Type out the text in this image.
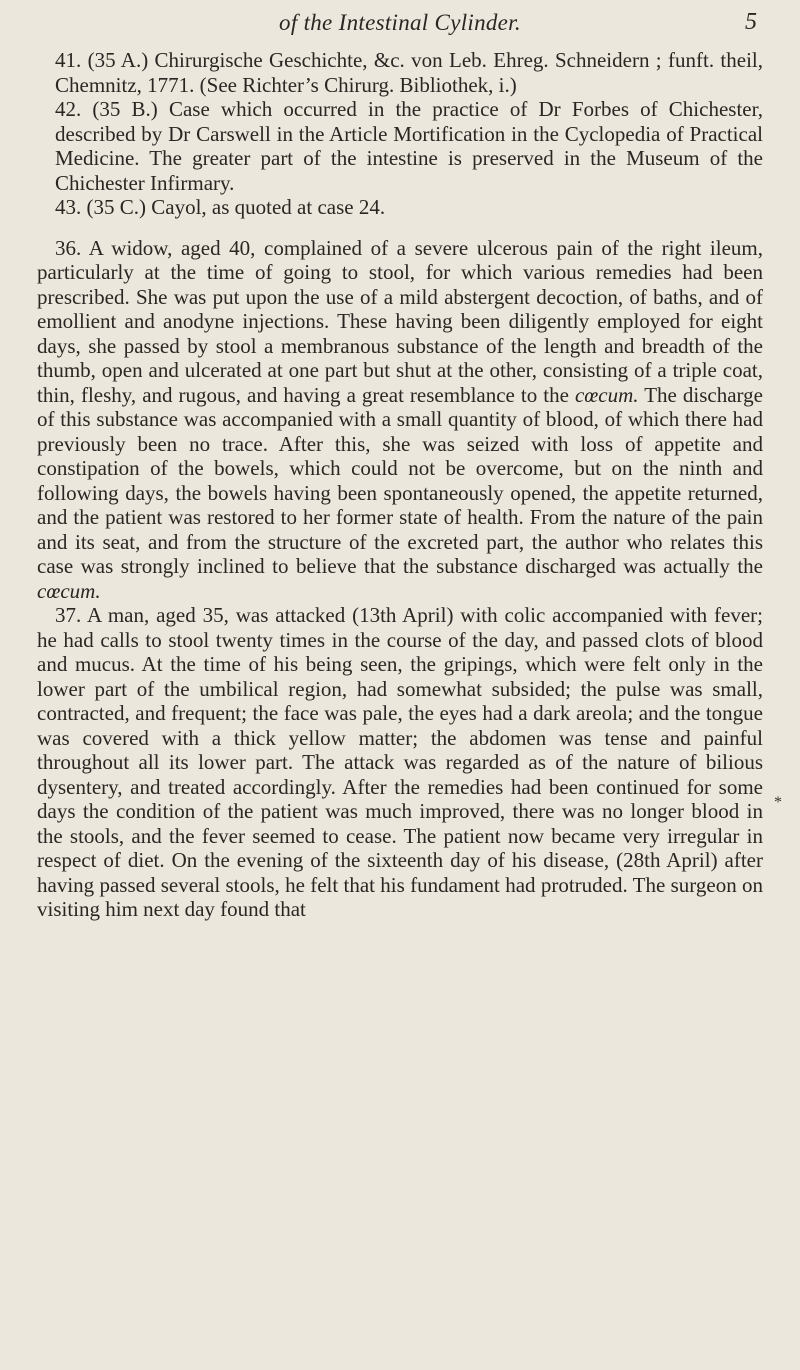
of the Intestinal Cylinder.	5

41. (35 A.) Chirurgische Geschichte, &c. von Leb. Ehreg. Schneidern ; funft. theil, Chemnitz, 1771. (See Richter’s Chirurg. Bibliothek, i.)

42. (35 B.) Case which occurred in the practice of Dr Forbes of Chichester, described by Dr Carswell in the Article Mortification in the Cyclopedia of Practical Medicine. The greater part of the intestine is preserved in the Museum of the Chichester Infirmary.

43. (35 C.) Cayol, as quoted at case 24.

36. A widow, aged 40, complained of a severe ulcerous pain of the right ileum, particularly at the time of going to stool, for which various remedies had been prescribed. She was put upon the use of a mild abstergent decoction, of baths, and of emollient and anodyne injections. These having been diligently employed for eight days, she passed by stool a membranous substance of the length and breadth of the thumb, open and ulcerated at one part but shut at the other, consisting of a triple coat, thin, fleshy, and rugous, and having a great resemblance to the cœcum. The discharge of this substance was accompanied with a small quantity of blood, of which there had previously been no trace. After this, she was seized with loss of appetite and constipation of the bowels, which could not be overcome, but on the ninth and following days, the bowels having been spontaneously opened, the appetite returned, and the patient was restored to her former state of health. From the nature of the pain and its seat, and from the structure of the excreted part, the author who relates this case was strongly inclined to believe that the substance discharged was actually the cœcum.

37. A man, aged 35, was attacked (13th April) with colic accompanied with fever; he had calls to stool twenty times in the course of the day, and passed clots of blood and mucus. At the time of his being seen, the gripings, which were felt only in the lower part of the umbilical region, had somewhat subsided; the pulse was small, contracted, and frequent; the face was pale, the eyes had a dark areola; and the tongue was covered with a thick yellow matter; the abdomen was tense and painful throughout all its lower part. The attack was regarded as of the nature of bilious dysentery, and treated accordingly. After the remedies had been continued for some days the condition of the patient was much improved, there was no longer blood in the stools, and the fever seemed to cease. The patient now became very irregular in respect of diet. On the evening of the sixteenth day of his disease, (28th April) after having passed several stools, he felt that his fundament had protruded. The surgeon on visiting him next day found that

*
